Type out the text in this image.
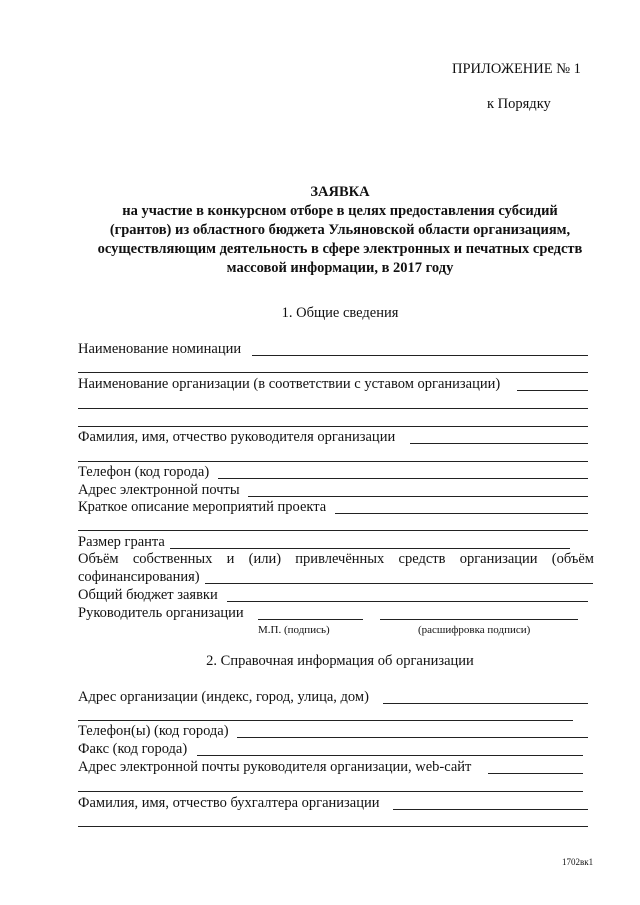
ПРИЛОЖЕНИЕ № 1
к Порядку
ЗАЯВКА
на участие в конкурсном отборе в целях предоставления субсидий
(грантов) из областного бюджета Ульяновской области организациям,
осуществляющим деятельность в сфере электронных и печатных средств
массовой информации, в 2017 году
1. Общие сведения
Наименование номинации
Наименование организации (в соответствии с уставом организации)
Фамилия, имя, отчество руководителя организации
Телефон (код города)
Адрес электронной почты
Краткое описание мероприятий проекта
Размер гранта
Объём собственных и (или) привлечённых средств организации (объём
софинансирования)
Общий бюджет заявки
Руководитель организации
М.П. (подпись)	(расшифровка подписи)
2. Справочная информация об организации
Адрес организации (индекс, город, улица, дом)
Телефон(ы) (код города)
Факс (код города)
Адрес электронной почты руководителя организации, web-сайт
Фамилия, имя, отчество бухгалтера организации
1702вк1
